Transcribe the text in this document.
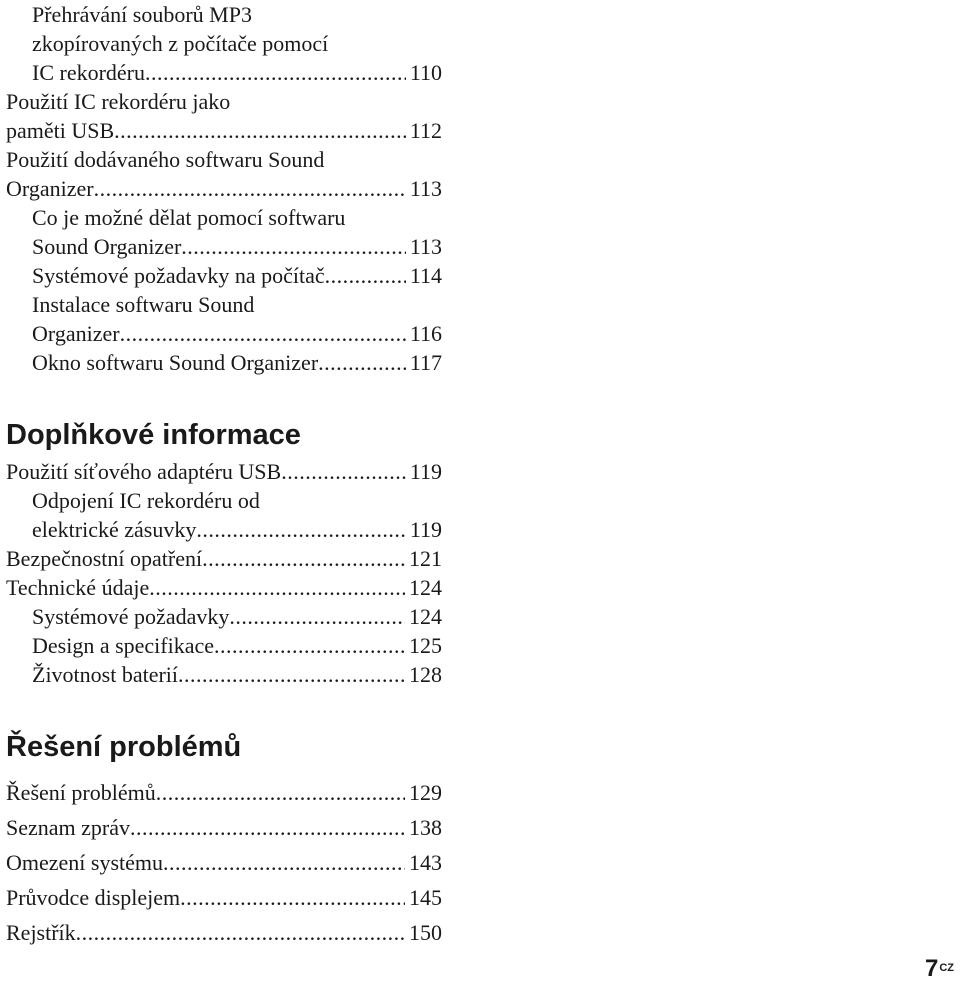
Přehrávání souborů MP3
zkopírovaných z počítače pomocí
IC rekordéru .....	110
Použití IC rekordéru jako
paměti USB .....	112
Použití dodávaného softwaru Sound
Organizer .....	113
Co je možné dělat pomocí softwaru
Sound Organizer .....	113
Systémové požadavky na počítač .....	114
Instalace softwaru Sound
Organizer .....	116
Okno softwaru Sound Organizer .....	117
Doplňkové informace
Použití síťového adaptéru USB .....	119
Odpojení IC rekordéru od
elektrické zásuvky .....	119
Bezpečnostní opatření .....	121
Technické údaje .....	124
Systémové požadavky .....	124
Design a specifikace .....	125
Životnost baterií .....	128
Řešení problémů
Řešení problémů .....	129
Seznam zpráv .....	138
Omezení systému .....	143
Průvodce displejem .....	145
Rejstřík .....	150
$7^{CZ}$
